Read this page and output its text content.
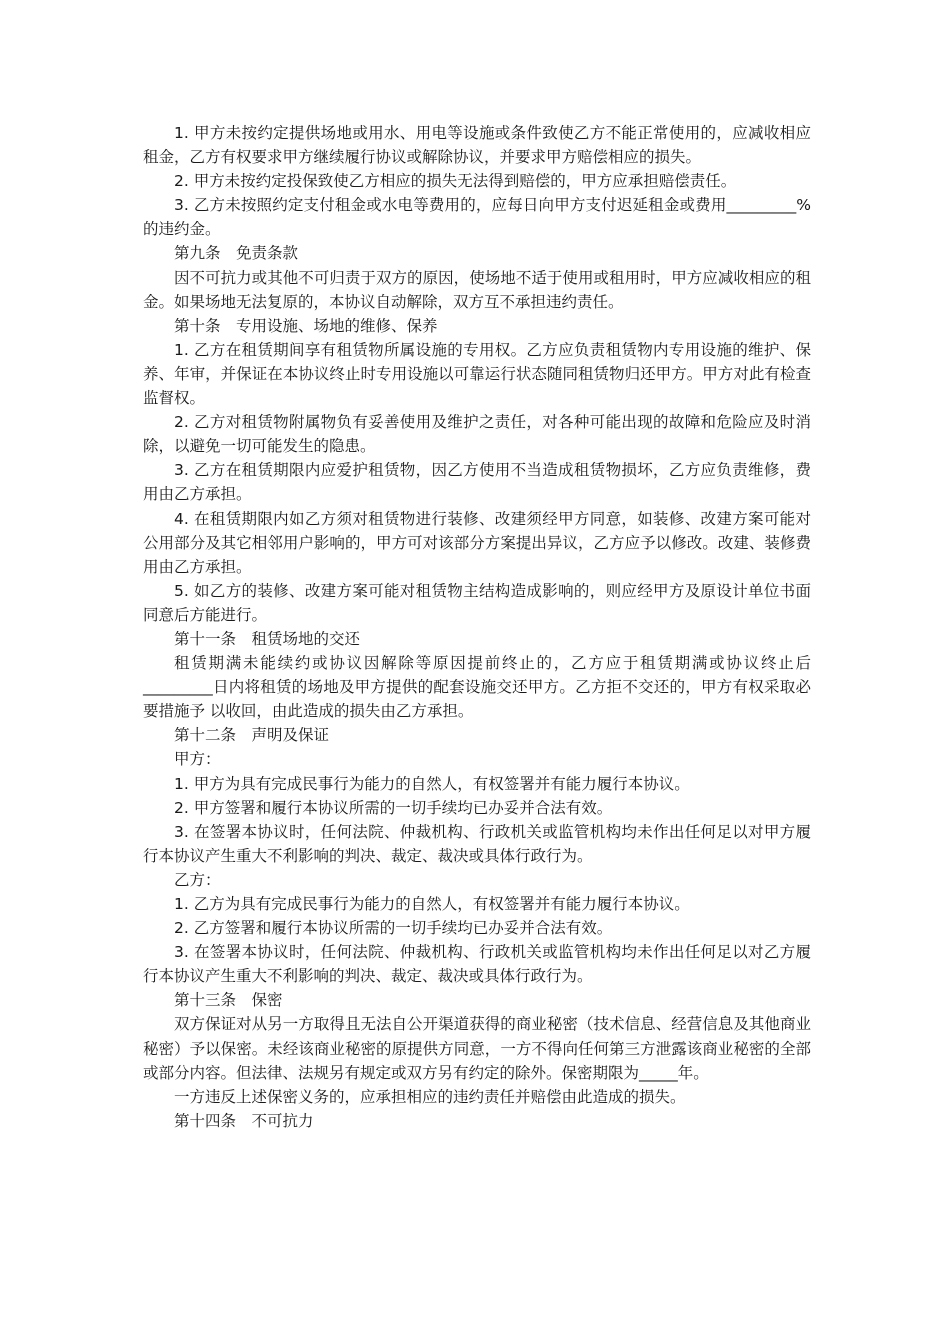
1. 甲方未按约定提供场地或用水、用电等设施或条件致使乙方不能正常使用的，应减收相应租金，乙方有权要求甲方继续履行协议或解除协议，并要求甲方赔偿相应的损失。

2. 甲方未按约定投保致使乙方相应的损失无法得到赔偿的，甲方应承担赔偿责任。

3. 乙方未按照约定支付租金或水电等费用的，应每日向甲方支付迟延租金或费用_________%的违约金。

第九条　免责条款

因不可抗力或其他不可归责于双方的原因，使场地不适于使用或租用时，甲方应减收相应的租金。如果场地无法复原的，本协议自动解除，双方互不承担违约责任。

第十条　专用设施、场地的维修、保养

1. 乙方在租赁期间享有租赁物所属设施的专用权。乙方应负责租赁物内专用设施的维护、保养、年审，并保证在本协议终止时专用设施以可靠运行状态随同租赁物归还甲方。甲方对此有检查监督权。

2. 乙方对租赁物附属物负有妥善使用及维护之责任，对各种可能出现的故障和危险应及时消除，以避免一切可能发生的隐患。

3. 乙方在租赁期限内应爱护租赁物，因乙方使用不当造成租赁物损坏，乙方应负责维修，费用由乙方承担。

4. 在租赁期限内如乙方须对租赁物进行装修、改建须经甲方同意，如装修、改建方案可能对公用部分及其它相邻用户影响的，甲方可对该部分方案提出异议，乙方应予以修改。改建、装修费用由乙方承担。

5. 如乙方的装修、改建方案可能对租赁物主结构造成影响的，则应经甲方及原设计单位书面同意后方能进行。

第十一条　租赁场地的交还

租赁期满未能续约或协议因解除等原因提前终止的，乙方应于租赁期满或协议终止后_________日内将租赁的场地及甲方提供的配套设施交还甲方。乙方拒不交还的，甲方有权采取必要措施予 以收回，由此造成的损失由乙方承担。

第十二条　声明及保证

甲方：

1. 甲方为具有完成民事行为能力的自然人，有权签署并有能力履行本协议。

2. 甲方签署和履行本协议所需的一切手续均已办妥并合法有效。

3. 在签署本协议时，任何法院、仲裁机构、行政机关或监管机构均未作出任何足以对甲方履行本协议产生重大不利影响的判决、裁定、裁决或具体行政行为。

乙方：

1. 乙方为具有完成民事行为能力的自然人，有权签署并有能力履行本协议。

2. 乙方签署和履行本协议所需的一切手续均已办妥并合法有效。

3. 在签署本协议时，任何法院、仲裁机构、行政机关或监管机构均未作出任何足以对乙方履行本协议产生重大不利影响的判决、裁定、裁决或具体行政行为。

第十三条　保密

双方保证对从另一方取得且无法自公开渠道获得的商业秘密（技术信息、经营信息及其他商业秘密）予以保密。未经该商业秘密的原提供方同意，一方不得向任何第三方泄露该商业秘密的全部或部分内容。但法律、法规另有规定或双方另有约定的除外。保密期限为_____年。

一方违反上述保密义务的，应承担相应的违约责任并赔偿由此造成的损失。

第十四条　不可抗力
